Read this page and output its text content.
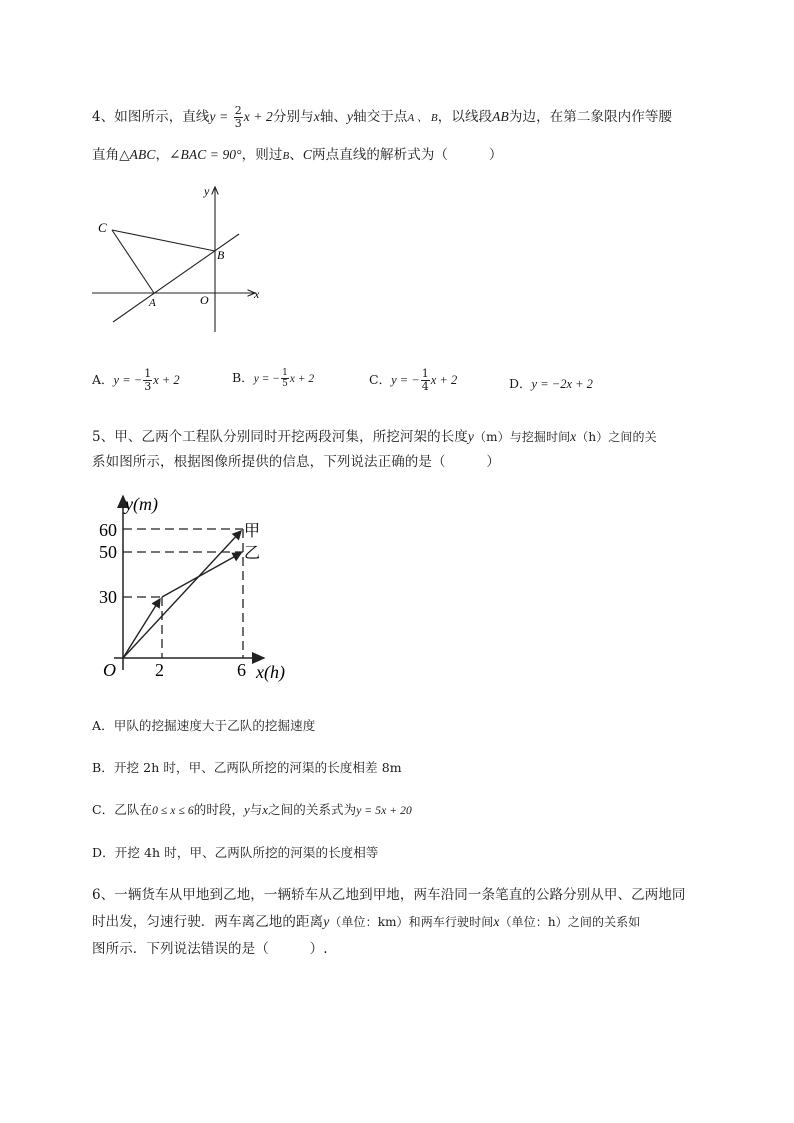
4、如图所示，直线$y = \frac{2}{3}$ x + 2分别与x轴、y轴交于点A 、 B，以线段AB为边，在第二象限内作等腰
直角△ABC，∠BAC = 90°，则过B、C两点直线的解析式为（　　　）
C
B
A	O	x
y
A．y = − $\frac{1}{3}$ x + 2	B．y = − $\frac{1}{5}$ x + 2	C．y = − $\frac{1}{4}$ x + 2	D．y = −2x + 2
5、甲、乙两个工程队分别同时开挖两段河集，所挖河架的长度y（m）与挖掘时间x（h）之间的关
系如图所示，根据图像所提供的信息，下列说法正确的是（　　　）
y(m)
x(h)
O
60
50
30
2	6
甲
乙
A．甲队的挖掘速度大于乙队的挖掘速度
B．开挖 2h 时，甲、乙两队所挖的河渠的长度相差 8m
C．乙队在0 ≤ x ≤ 6的时段，y与x之间的关系式为y = 5x + 20
D．开挖 4h 时，甲、乙两队所挖的河渠的长度相等
6、一辆货车从甲地到乙地，一辆轿车从乙地到甲地，两车沿同一条笔直的公路分别从甲、乙两地同
时出发，匀速行驶．两车离乙地的距离y（单位：km）和两车行驶时间x（单位：h）之间的关系如
图所示．下列说法错误的是（　　　）.
